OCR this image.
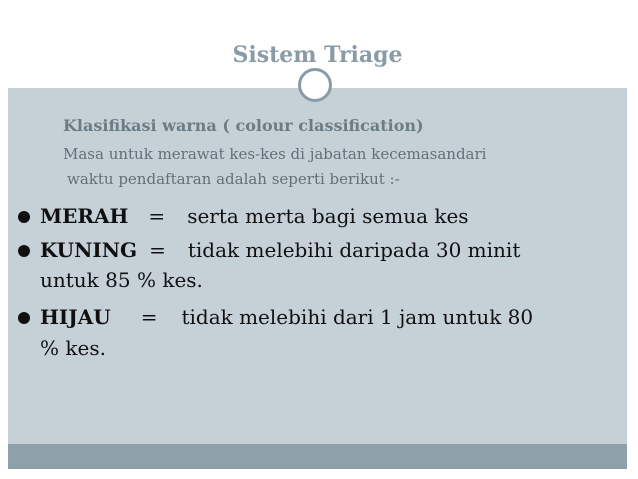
Sistem Triage
Klasifikasi warna ( colour classification)
Masa untuk merawat kes-kes di jabatan kecemasandari
waktu pendaftaran adalah seperti berikut :-
MERAH = serta merta bagi semua kes
KUNING = tidak melebihi daripada 30 minit
untuk 85 % kes.
HIJAU = tidak melebihi dari 1 jam untuk 80
% kes.
